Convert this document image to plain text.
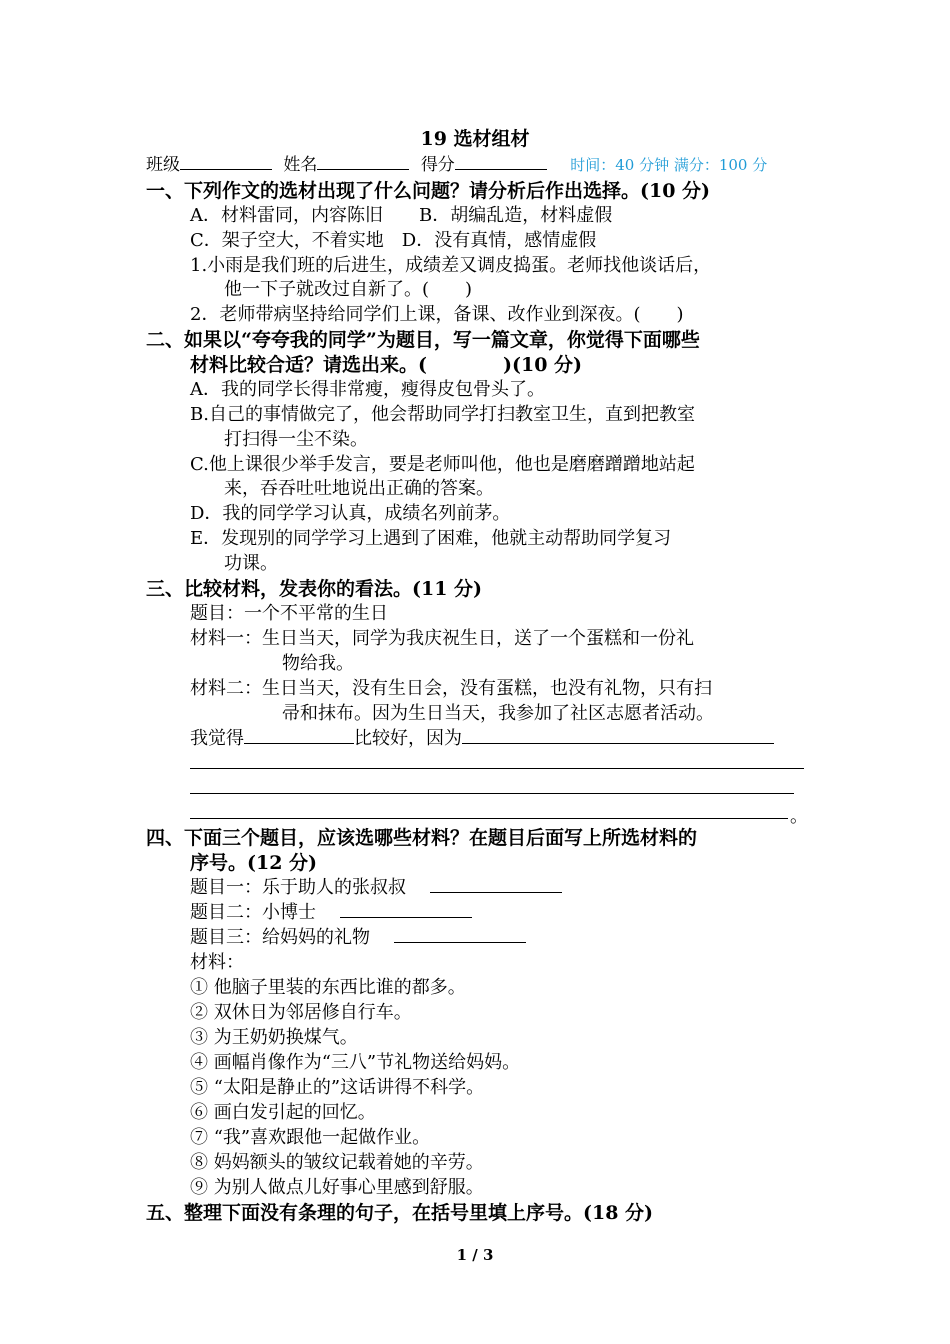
19 选材组材
班级	姓名	得分	时间：40 分钟 满分：100 分
一、下列作文的选材出现了什么问题？请分析后作出选择。(10 分)
A．材料雷同，内容陈旧　　B．胡编乱造，材料虚假
C．架子空大，不着实地　D．没有真情，感情虚假
1.小雨是我们班的后进生，成绩差又调皮捣蛋。老师找他谈话后，
他一下子就改过自新了。(　　)
2．老师带病坚持给同学们上课，备课、改作业到深夜。(　　)
二、如果以“夸夸我的同学”为题目，写一篇文章，你觉得下面哪些
材料比较合适？请选出来。(　　　　)(10 分)
A．我的同学长得非常瘦，瘦得皮包骨头了。
B.自己的事情做完了，他会帮助同学打扫教室卫生，直到把教室
打扫得一尘不染。
C.他上课很少举手发言，要是老师叫他，他也是磨磨蹭蹭地站起
来，吞吞吐吐地说出正确的答案。
D．我的同学学习认真，成绩名列前茅。
E．发现别的同学学习上遇到了困难，他就主动帮助同学复习
功课。
三、比较材料，发表你的看法。(11 分)
题目：一个不平常的生日
材料一：生日当天，同学为我庆祝生日，送了一个蛋糕和一份礼
物给我。
材料二：生日当天，没有生日会，没有蛋糕，也没有礼物，只有扫
帚和抹布。因为生日当天，我参加了社区志愿者活动。
我觉得	比较好，因为
。
四、下面三个题目，应该选哪些材料？在题目后面写上所选材料的
序号。(12 分)
题目一：乐于助人的张叔叔
题目二：小博士
题目三：给妈妈的礼物
材料：
① 他脑子里装的东西比谁的都多。
② 双休日为邻居修自行车。
③ 为王奶奶换煤气。
④ 画幅肖像作为“三八”节礼物送给妈妈。
⑤ “太阳是静止的”这话讲得不科学。
⑥ 画白发引起的回忆。
⑦ “我”喜欢跟他一起做作业。
⑧ 妈妈额头的皱纹记载着她的辛劳。
⑨ 为别人做点儿好事心里感到舒服。
五、整理下面没有条理的句子，在括号里填上序号。(18 分)
1 / 3
